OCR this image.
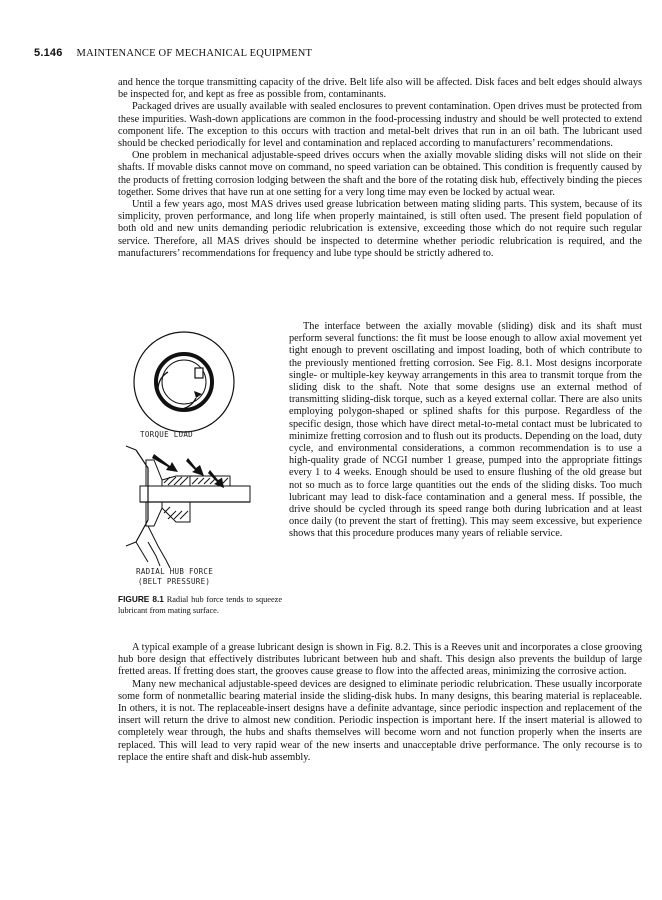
5.146 MAINTENANCE OF MECHANICAL EQUIPMENT

and hence the torque transmitting capacity of the drive. Belt life also will be affected. Disk faces and belt edges should always be inspected for, and kept as free as possible from, contaminants.

Packaged drives are usually available with sealed enclosures to prevent contamination. Open drives must be protected from these impurities. Wash-down applications are common in the food-processing industry and should be well protected to extend component life. The exception to this occurs with traction and metal-belt drives that run in an oil bath. The lubricant used should be checked periodically for level and contamination and replaced according to manufacturers’ recommendations.

One problem in mechanical adjustable-speed drives occurs when the axially movable sliding disks will not slide on their shafts. If movable disks cannot move on command, no speed variation can be obtained. This condition is frequently caused by the products of fretting corrosion lodging between the shaft and the bore of the rotating disk hub, effectively binding the pieces together. Some drives that have run at one setting for a very long time may even be locked by actual wear.

Until a few years ago, most MAS drives used grease lubrication between mating sliding parts. This system, because of its simplicity, proven performance, and long life when properly maintained, is still often used. The present field population of both old and new units demanding periodic relubrication is extensive, exceeding those which do not require such regular service. Therefore, all MAS drives should be inspected to determine whether periodic relubrication is required, and the manufacturers’ recommendations for frequency and lube type should be strictly adhered to.

The interface between the axially movable (sliding) disk and its shaft must perform several functions: the fit must be loose enough to allow axial movement yet tight enough to prevent oscillating and impost loading, both of which contribute to the previously mentioned fretting corrosion. See Fig. 8.1. Most designs incorporate single- or multiple-key keyway arrangements in this area to transmit torque from the sliding disk to the shaft. Note that some designs use an external method of transmitting sliding-disk torque, such as a keyed external collar. There are also units employing polygon-shaped or splined shafts for this purpose. Regardless of the specific design, those which have direct metal-to-metal contact must be lubricated to minimize fretting corrosion and to flush out its products. Depending on the load, duty cycle, and environmental considerations, a common recommendation is to use a high-quality grade of NCGI number 1 grease, pumped into the appropriate fittings every 1 to 4 weeks. Enough should be used to ensure flushing of the old grease but not so much as to force large quantities out the ends of the sliding disks. Too much lubricant may lead to disk-face contamination and a general mess. If possible, the drive should be cycled through its speed range both during lubrication and at least once daily (to prevent the start of fretting). This may seem excessive, but experience shows that this procedure produces many years of reliable service.

TORQUE LOAD
RADIAL HUB FORCE
(BELT PRESSURE)
FIGURE 8.1 Radial hub force tends to squeeze lubricant from mating surface.

A typical example of a grease lubricant design is shown in Fig. 8.2. This is a Reeves unit and incorporates a close grooving hub bore design that effectively distributes lubricant between hub and shaft. This design also prevents the buildup of large fretted areas. If fretting does start, the grooves cause grease to flow into the affected areas, minimizing the corrosive action.

Many new mechanical adjustable-speed devices are designed to eliminate periodic relubrication. These usually incorporate some form of nonmetallic bearing material inside the sliding-disk hubs. In many designs, this bearing material is replaceable. In others, it is not. The replaceable-insert designs have a definite advantage, since periodic inspection and replacement of the insert will return the drive to almost new condition. Periodic inspection is important here. If the insert material is allowed to completely wear through, the hubs and shafts themselves will become worn and not function properly when the inserts are replaced. This will lead to very rapid wear of the new inserts and unacceptable drive performance. The only recourse is to replace the entire shaft and disk-hub assembly.
